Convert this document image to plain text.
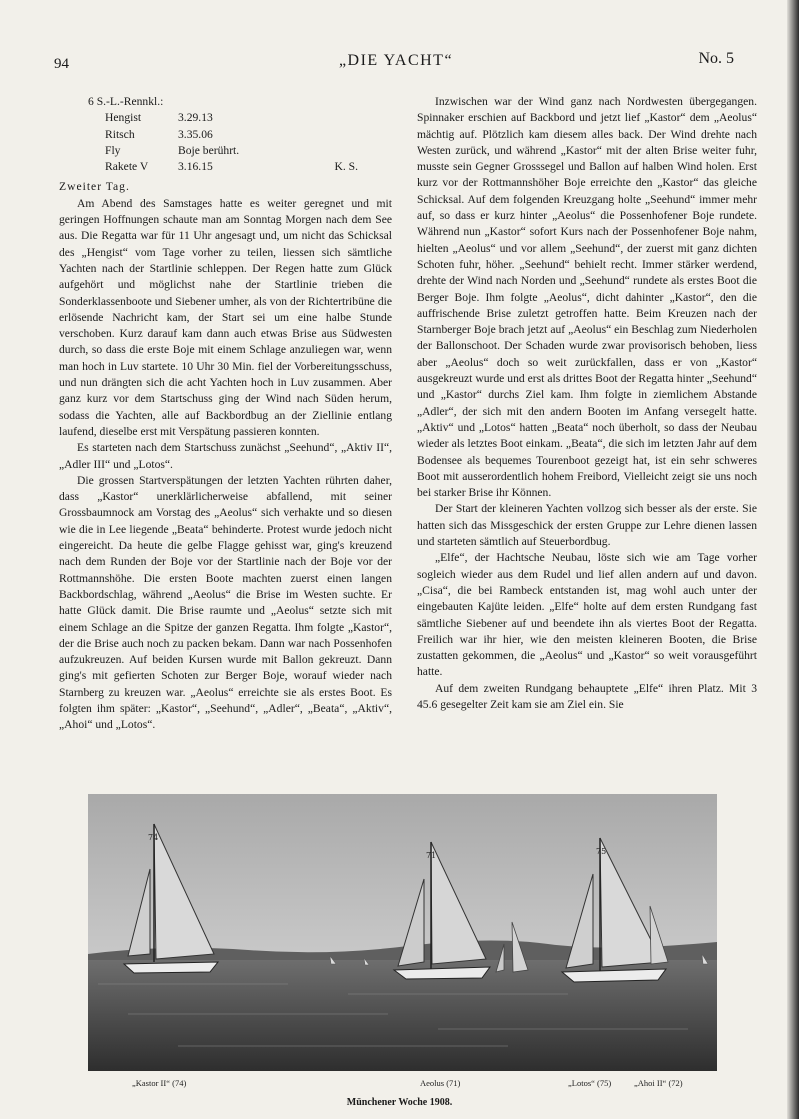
94	„DIE YACHT“	No. 5
6 S.-L.-Rennkl.:
Hengist	3.29.13
Ritsch	3.35.06
Fly	Boje berührt.
Rakete V	3.16.15	K. S.
Zweiter Tag.

Am Abend des Samstages hatte es weiter geregnet und mit geringen Hoffnungen schaute man am Sonntag Morgen nach dem See aus. Die Regatta war für 11 Uhr angesagt und, um nicht das Schicksal des „Hengist“ vom Tage vorher zu teilen, liessen sich sämtliche Yachten nach der Startlinie schleppen. Der Regen hatte zum Glück aufgehört und möglichst nahe der Startlinie trieben die Sonderklassenboote und Siebener umher, als von der Richtertribüne die erlösende Nachricht kam, der Start sei um eine halbe Stunde verschoben. Kurz darauf kam dann auch etwas Brise aus Südwesten durch, so dass die erste Boje mit einem Schlage anzuliegen war, wenn man hoch in Luv startete. 10 Uhr 30 Min. fiel der Vorbereitungsschuss, und nun drängten sich die acht Yachten hoch in Luv zusammen. Aber ganz kurz vor dem Startschuss ging der Wind nach Süden herum, sodass die Yachten, alle auf Backbordbug an der Ziellinie entlang laufend, dieselbe erst mit Verspätung passieren konnten.

Es starteten nach dem Startschuss zunächst „Seehund“, „Aktiv II“, „Adler III“ und „Lotos“.

Die grossen Startverspätungen der letzten Yachten rührten daher, dass „Kastor“ unerklärlicherweise abfallend, mit seiner Grossbaumnock am Vorstag des „Aeolus“ sich verhakte und so diesen wie die in Lee liegende „Beata“ behinderte. Protest wurde jedoch nicht eingereicht. Da heute die gelbe Flagge gehisst war, ging's kreuzend nach dem Runden der Boje vor der Startlinie nach der Boje vor der Rottmannshöhe. Die ersten Boote machten zuerst einen langen Backbordschlag, während „Aeolus“ die Brise im Westen suchte. Er hatte Glück damit. Die Brise raumte und „Aeolus“ setzte sich mit einem Schlage an die Spitze der ganzen Regatta. Ihm folgte „Kastor“, der die Brise auch noch zu packen bekam. Dann war nach Possenhofen aufzukreuzen. Auf beiden Kursen wurde mit Ballon gekreuzt. Dann ging's mit gefierten Schoten zur Berger Boje, worauf wieder nach Starnberg zu kreuzen war. „Aeolus“ erreichte sie als erstes Boot. Es folgten ihm später: „Kastor“, „Seehund“, „Adler“, „Beata“, „Aktiv“, „Ahoi“ und „Lotos“.

Inzwischen war der Wind ganz nach Nordwesten übergegangen. Spinnaker erschien auf Backbord und jetzt lief „Kastor“ dem „Aeolus“ mächtig auf. Plötzlich kam diesem alles back. Der Wind drehte nach Westen zurück, und während „Kastor“ mit der alten Brise weiter fuhr, musste sein Gegner Grosssegel und Ballon auf halben Wind holen. Erst kurz vor der Rottmannshöher Boje erreichte den „Kastor“ das gleiche Schicksal. Auf dem folgenden Kreuzgang holte „Seehund“ immer mehr auf, so dass er kurz hinter „Aeolus“ die Possenhofener Boje rundete. Während nun „Kastor“ sofort Kurs nach der Possenhofener Boje nahm, hielten „Aeolus“ und vor allem „Seehund“, der zuerst mit ganz dichten Schoten fuhr, höher. „Seehund“ behielt recht. Immer stärker werdend, drehte der Wind nach Norden und „Seehund“ rundete als erstes Boot die Berger Boje. Ihm folgte „Aeolus“, dicht dahinter „Kastor“, den die auffrischende Brise zuletzt getroffen hatte. Beim Kreuzen nach der Starnberger Boje brach jetzt auf „Aeolus“ ein Beschlag zum Niederholen der Ballonschoot. Der Schaden wurde zwar provisorisch behoben, liess aber „Aeolus“ doch so weit zurückfallen, dass er von „Kastor“ ausgekreuzt wurde und erst als drittes Boot der Regatta hinter „Seehund“ und „Kastor“ durchs Ziel kam. Ihm folgte in ziemlichem Abstande „Adler“, der sich mit den andern Booten im Anfang versegelt hatte. „Aktiv“ und „Lotos“ hatten „Beata“ noch überholt, so dass der Neubau wieder als letztes Boot einkam. „Beata“, die sich im letzten Jahr auf dem Bodensee als bequemes Tourenboot gezeigt hat, ist ein sehr schweres Boot mit ausserordentlich hohem Freibord, Vielleicht zeigt sie uns noch bei starker Brise ihr Können.

Der Start der kleineren Yachten vollzog sich besser als der erste. Sie hatten sich das Missgeschick der ersten Gruppe zur Lehre dienen lassen und starteten sämtlich auf Steuerbordbug.

„Elfe“, der Hachtsche Neubau, löste sich wie am Tage vorher sogleich wieder aus dem Rudel und lief allen andern auf und davon. „Cisa“, die bei Rambeck entstanden ist, mag wohl auch unter der eingebauten Kajüte leiden. „Elfe“ holte auf dem ersten Rundgang fast sämtliche Siebener auf und beendete ihn als viertes Boot der Regatta. Freilich war ihr hier, wie den meisten kleineren Booten, die Brise zustatten gekommen, die „Aeolus“ und „Kastor“ so weit vorausgeführt hatte.

Auf dem zweiten Rundgang behauptete „Elfe“ ihren Platz. Mit 3 45.6 gesegelter Zeit kam sie am Ziel ein. Sie

74
71	75
„Kastor II“ (74)	Aeolus (71)	„Lotos“ (75)	„Ahoi II“ (72)
Münchener Woche 1908.
